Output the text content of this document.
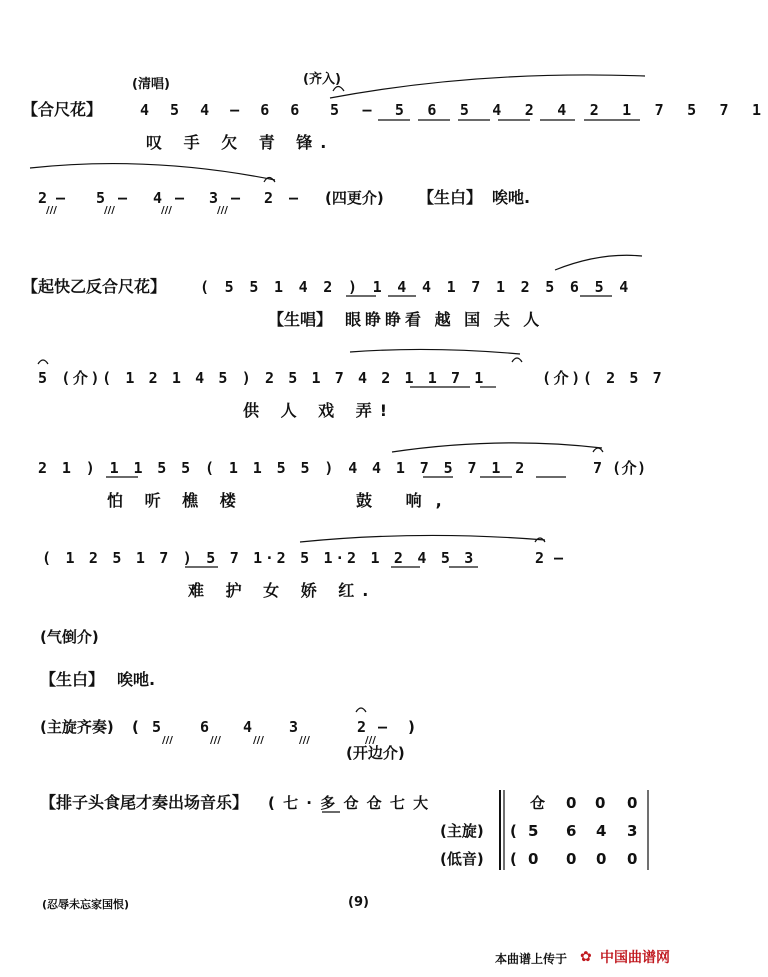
(清唱)	(齐入)
【合尺花】	4 5 4 – 6 6 5 – 5 6 5 4 2 4 2 1 7 5 7 1
叹 手 欠 青 锋.
2 – 5 – 4 – 3 – 2 –
///	///	///	///
(四更介) 【生白】 唉吔.
【起快乙反合尺花】 ( 5 5 1 4 2 ) 1 4 4 1 7 1 2 5 6 5 4
【生唱】 眼睁睁看 越 国 夫 人
5 (介)( 1 2 1 4 5 ) 2 5 1 7 4 2 1 1 7 1	(介)( 2 5 7
供 人 戏 弄!
2 1 ) 1 1 5 5 ( 1 1 5 5 ) 4 4 1 7 5 7 1 2	7 (介)
怕 听 樵 楼	鼓 响,
( 1 2 5 1 7 ) 5 7 1·2 5 1·2 1 2 4 5 3	2 –
难 护 女 娇 红.
(气倒介)
【生白】 唉吔.
(主旋齐奏) ( 5	6 4 3	2 –
///	///	///	///	///
)
(开边介)
【排子头食尾才奏出场音乐】 ( 七 · 多 仓 仓 七 大	仓 0 0 0
(主旋) ( 5 6 4 3
(低音) ( 0 0 0 0
(忍辱未忘家国恨)	(9)
本曲谱上传于 ✿ 中国曲谱网
